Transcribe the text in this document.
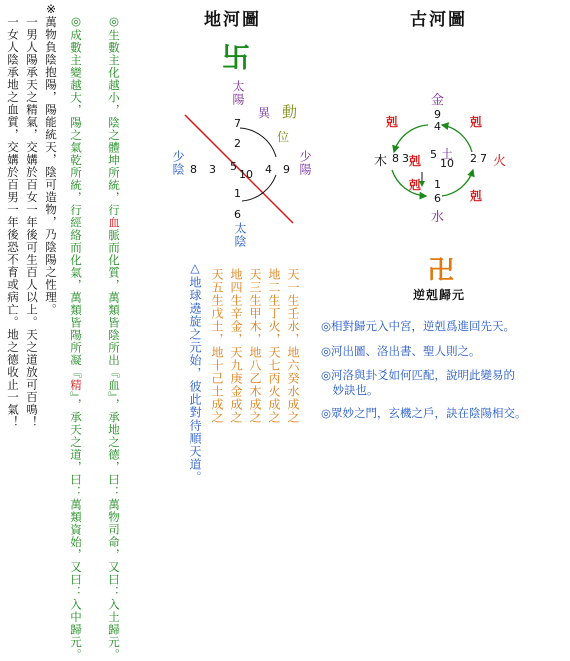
※
萬物負陰抱陽，陽能統天，陰可造物，乃陰陽之性理。
一男人陽承天之精氣，交媾於百女一年後可生百人以上。天之道放可百鳴！
一女人陰承地之血質，交媾於百男一年後恐不育或病亡。地之德收止一氣！	◎生數主化越小，陰之體坤所統，行血脈而化質，萬類皆陰所出『血』，承地之德，曰：萬物司命，又曰：入土歸元。
◎成數主變越大，陽之氣乾所統，行經絡而化氣，萬類皆陽所凝『精』，承天之道，曰：萬類資始，又曰：入中歸元。
地河圖
卐
太陽
7
2
異 動
位
少陰 8 3 5
10 4 9 少陽
1
6
太陰
天一生壬水，地六癸水成之
地二生丁火，天七丙火成之
天三生甲木，地八乙木成之
地四生辛金，天九庚金成之
天五生戊土，地十己土成之
△地球遶旋之元始，彼此對待順天道。
古河圖
金
9
4
剋	剋
木 8 3 5 土
10 2 7 火
剋
剋
剋
1
6
水
卍
逆剋歸元
◎相對歸元入中宮，逆剋爲進回先天。
◎河出圖、洛出書、聖人則之。
◎河洛與卦爻如何匹配，說明此變易的
　妙訣也。
◎眾妙之門，玄機之戶，訣在陰陽相交。
